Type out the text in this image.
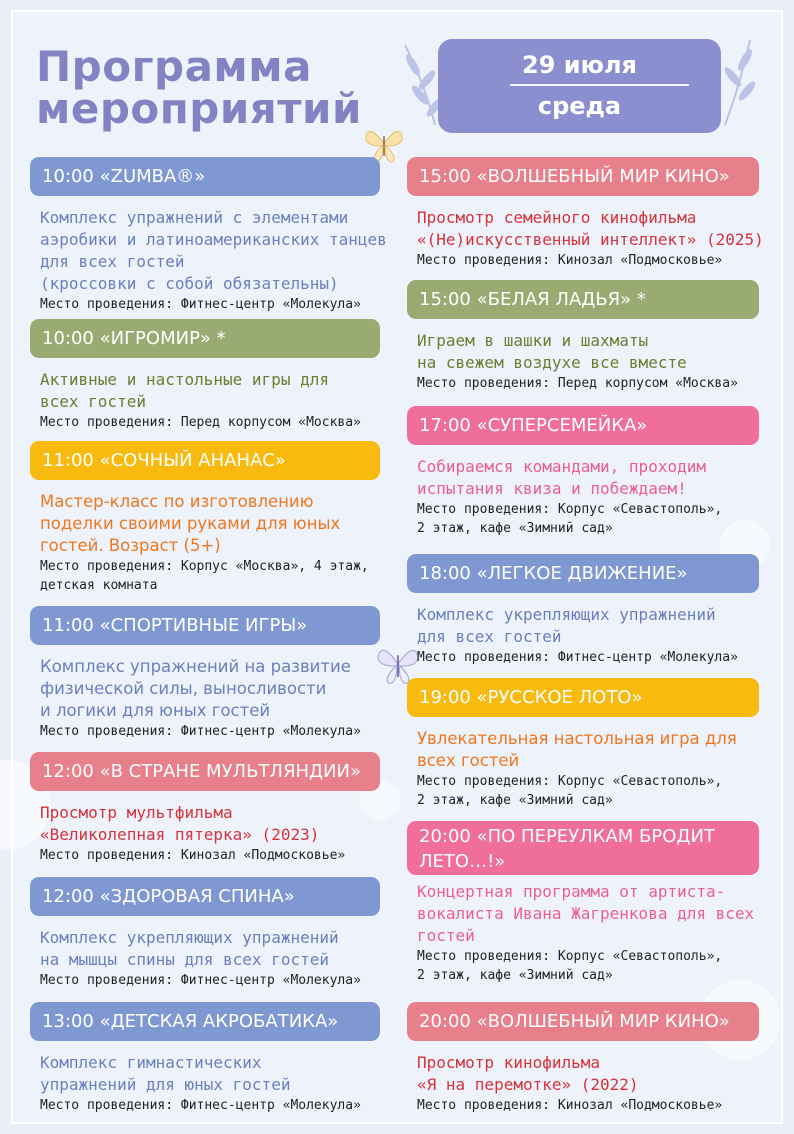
Программа
мероприятий
29 июля
среда
10:00 «ZUMBA®»
Комплекс упражнений с элементами
аэробики и латиноамериканских танцев
для всех гостей
(кроссовки с собой обязательны)
Место проведения: Фитнес-центр «Молекула»
10:00 «ИГРОМИР» *
Активные и настольные игры для
всех гостей
Место проведения: Перед корпусом «Москва»
11:00 «СОЧНЫЙ АНАНАС»
Мастер-класс по изготовлению
поделки своими руками для юных
гостей. Возраст (5+)
Место проведения: Корпус «Москва», 4 этаж,
детская комната
11:00 «СПОРТИВНЫЕ ИГРЫ»
Комплекс упражнений на развитие
физической силы, выносливости
и логики для юных гостей
Место проведения: Фитнес-центр «Молекула»
12:00 «В СТРАНЕ МУЛЬТЛЯНДИИ»
Просмотр мультфильма
«Великолепная пятерка» (2023)
Место проведения: Кинозал «Подмосковье»
12:00 «ЗДОРОВАЯ СПИНА»
Комплекс укрепляющих упражнений
на мышцы спины для всех гостей
Место проведения: Фитнес-центр «Молекула»
13:00 «ДЕТСКАЯ АКРОБАТИКА»
Комплекс гимнастических
упражнений для юных гостей
Место проведения: Фитнес-центр «Молекула»
15:00 «ВОЛШЕБНЫЙ МИР КИНО»
Просмотр семейного кинофильма
«(Не)искусственный интеллект» (2025)
Место проведения: Кинозал «Подмосковье»
15:00 «БЕЛАЯ ЛАДЬЯ» *
Играем в шашки и шахматы
на свежем воздухе все вместе
Место проведения: Перед корпусом «Москва»
17:00 «СУПЕРСЕМЕЙКА»
Собираемся командами, проходим
испытания квиза и побеждаем!
Место проведения: Корпус «Севастополь»,
2 этаж, кафе «Зимний сад»
18:00 «ЛЕГКОЕ ДВИЖЕНИЕ»
Комплекс укрепляющих упражнений
для всех гостей
Место проведения: Фитнес-центр «Молекула»
19:00 «РУССКОЕ ЛОТО»
Увлекательная настольная игра для
всех гостей
Место проведения: Корпус «Севастополь»,
2 этаж, кафе «Зимний сад»
20:00 «ПО ПЕРЕУЛКАМ БРОДИТ
ЛЕТО…!»
Концертная программа от артиста-
вокалиста Ивана Жагренкова для всех
гостей
Место проведения: Корпус «Севастополь»,
2 этаж, кафе «Зимний сад»
20:00 «ВОЛШЕБНЫЙ МИР КИНО»
Просмотр кинофильма
«Я на перемотке» (2022)
Место проведения: Кинозал «Подмосковье»
